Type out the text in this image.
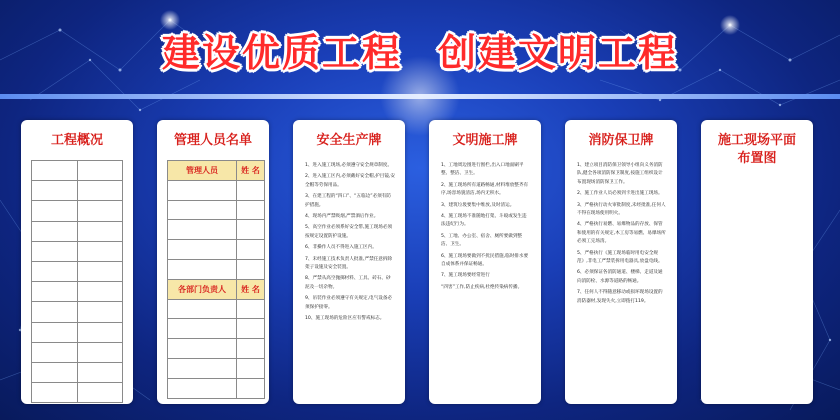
建设优质工程 创建文明工程
工程概况

		管理人员名单
管理人员	姓 名

各部门负责人	姓 名

安全生产牌

1、进入施工现场,必须遵守安全规章制度。

2、进入施工区内,必须戴好安全帽,护目镜,安全帽等劳保用品。

3、在建工程的“四口”、“五临边”必须有防护措施。

4、现场内严禁吸烟,严禁酒后作业。

5、高空作业必须系好安全带,施工现场必须按规定设置防护设施。

6、非操作人员不得进入施工区内。

7、未经施工技术负责人批准,严禁任意拆除架子设施及安全装置。

8、严禁从高空抛掷材料、工具、砖石、砂泥及一切杂物。

9、吊装作业必须遵守有关规定,电气设备必须保护接零。

10、施工现场的危险区应有警戒标志。

文明施工牌

1、工地周边围进行围栏,出入口地面刷平整、整洁、卫生。

2、施工现场所有道路畅通,材料堆放整齐有序,场容场貌清洁,场内无积水。

3、建筑垃圾要集中堆放,及时清运。

4、施工现场不准随地打架、斗殴或发生违法违纪行为。

5、工地、办公室、宿舍、厕所要做到整洁、卫生。

6、施工现场要做到不扰民措施,临时排水要自成体系并保证畅通。

7、施工现场要经常进行

“四害”工作,防止疾病,杜绝传染病传播。

消防保卫牌

1、建立项目消防保卫领导小组向义务消防队,健全各项消防保卫制度,按施工组织设计布置现场消防保卫工作。

2、施工作业人员必须到卡进出施工现场。

3、严格执行动火审批制度,未经批准,任何人不得在现场使用明火。

4、严格执行易燃、易爆物品的存放、保管和使用的有关规定,木工房等易燃、易爆场所必须工完场清。

5、严格执行《施工现场临时用电安全规范》,非电工严禁装拆用电器具,放盘电线。

6、必须保证各消防通道、楼梯、走道及通向消防栓、水源等道路的畅通。

7、任何人不得随意移动或损坏现场设置的消防器材,发现失火,立即拨打119。

施工现场平面
布置图
